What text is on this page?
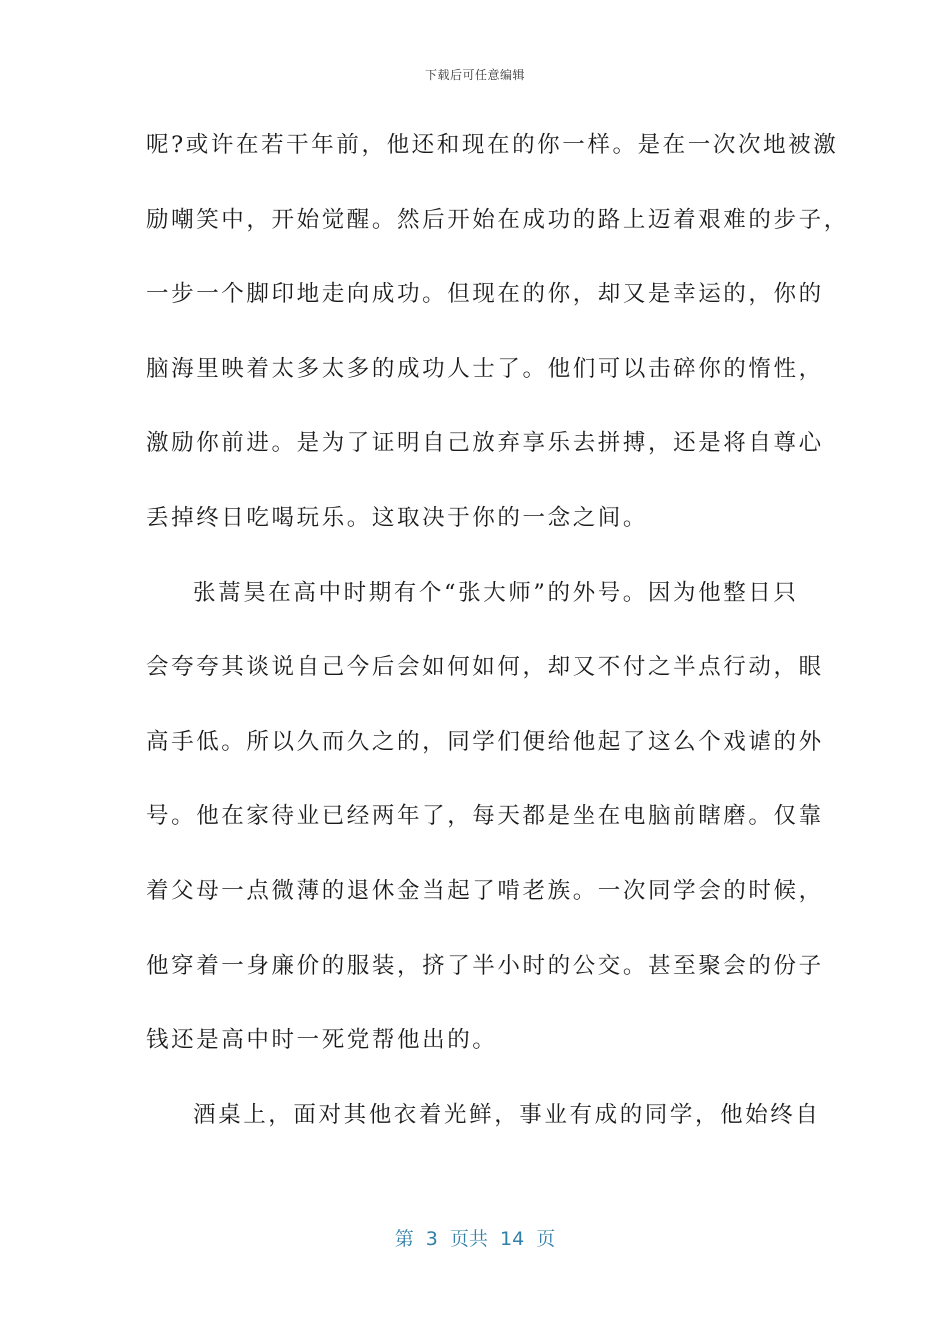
下载后可任意编辑
呢?或许在若干年前，他还和现在的你一样。是在一次次地被激
励嘲笑中，开始觉醒。然后开始在成功的路上迈着艰难的步子，
一步一个脚印地走向成功。但现在的你，却又是幸运的，你的
脑海里映着太多太多的成功人士了。他们可以击碎你的惰性，
激励你前进。是为了证明自己放弃享乐去拼搏，还是将自尊心
丢掉终日吃喝玩乐。这取决于你的一念之间。
张蒿昊在高中时期有个“张大师”的外号。因为他整日只
会夸夸其谈说自己今后会如何如何，却又不付之半点行动，眼
高手低。所以久而久之的，同学们便给他起了这么个戏谑的外
号。他在家待业已经两年了，每天都是坐在电脑前瞎磨。仅靠
着父母一点微薄的退休金当起了啃老族。一次同学会的时候，
他穿着一身廉价的服装，挤了半小时的公交。甚至聚会的份子
钱还是高中时一死党帮他出的。
酒桌上，面对其他衣着光鲜，事业有成的同学，他始终自
第  3  页共  14  页
